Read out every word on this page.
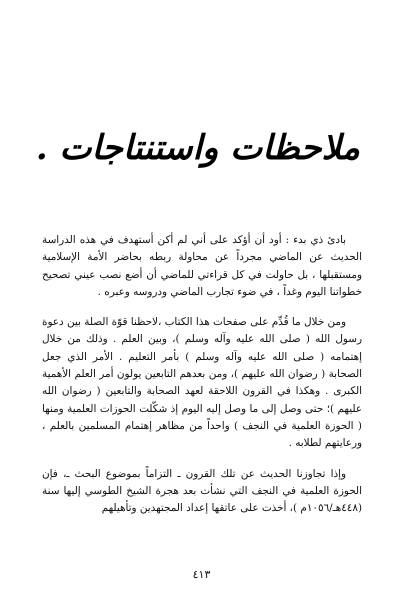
ملاحظات واستنتاجات .

بادئ ذي بدء : أود أن أؤكد على أني لم أكن أستهدف في هذه الدراسة الحديث عن الماضي مجرداً عن محاولة ربطه بحاضر الأمة الإسلامية ومستقبلها ، بل حاولت في كل قراءتي للماضي أن أضع نصب عيني تصحيح خطواتنا اليوم وغداً ، في ضوء تجارب الماضي ودروسه وعبره .

ومن خلال ما قُدِّم على صفحات هذا الكتاب ،لاحظنا قوّة الصلة بين دعوة رسول الله ( صلى الله عليه وآله وسلم )، وبين العلم . وذلك من خلال إهتمامه ( صلى الله عليه وآله وسلم ) بأمر التعليم . الأمر الذي جعل الصحابة ( رضوان الله عليهم )، ومن بعدهم التابعين يولون أمر العلم الأهمية الكبرى . وهكذا في القرون اللاحقة لعهد الصحابة والتابعين ( رضوان الله عليهم )؛ حتى وصل إلى ما وصل إليه اليوم إذ شكّلت الحوزات العلمية ومنها ( الحوزة العلمية في النجف ) واحداً من مظاهر إهتمام المسلمين بالعلم ، ورعايتهم لطلابه .

وإذا تجاوزنا الحديث عن تلك القرون ـ التزاماً بموضوع البحث ـ، فإن الحوزة العلمية في النجف التي نشأت بعد هجرة الشيخ الطوسي إليها سنة (٤٤٨هـ/١٠٥٦م )، أخذت على عاتقها إعداد المجتهدين وتأهيلهم

٤١٣
